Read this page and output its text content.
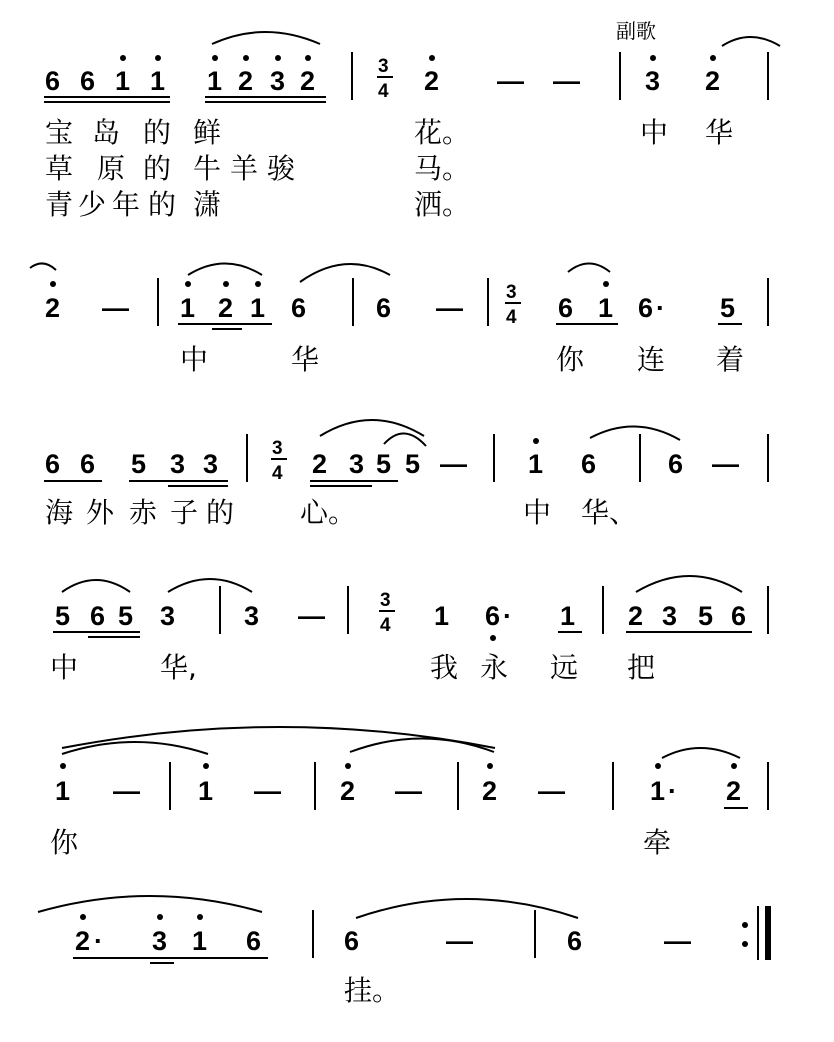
副歌
6 6 1 1 1 2 3 2	2	3 2
3
4	— —
宝 岛 的 鲜	花。	中 华
草 原 的 牛 羊 骏	马。
青 少 年 的 潇	洒。
2 — 1 2 1 6	6 —	6 1 6 · 5
3
4
中	华	你 连 着
6 6 5 3 3	2 3 5 5 — 1 6	6 —
3
4
海 外 赤 子 的 心。	中 华、
5 6 5 3	3 —	1 6 · 1 2 3 5 6
3
4
中	华,	我 永 远 把
1 — 1 — 2 — 2 —	1 · 2
你	牵
2 · 3 1 6	6	—	6	—
挂。
